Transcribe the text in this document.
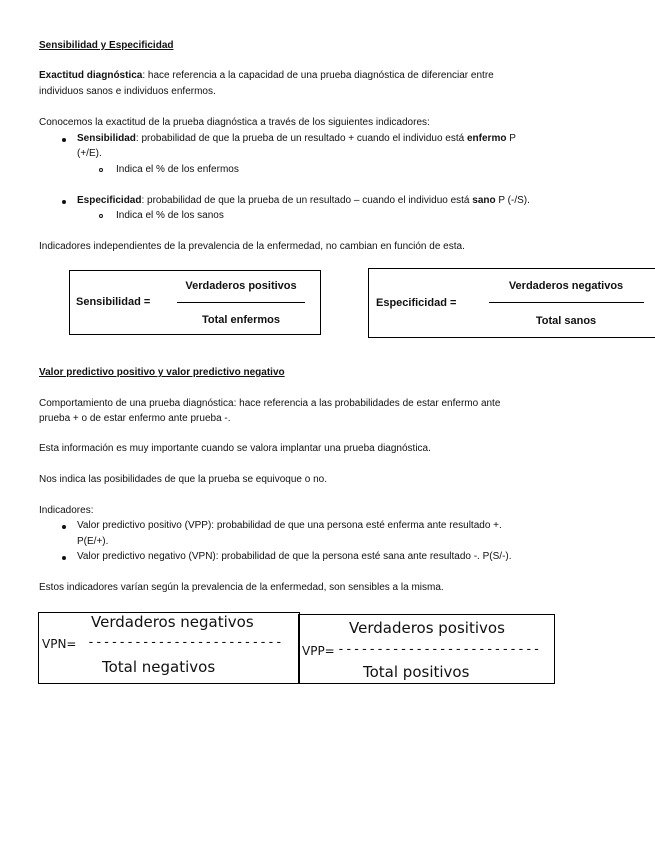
Sensibilidad y Especificidad
Exactitud diagnóstica: hace referencia a la capacidad de una prueba diagnóstica de diferenciar entre
individuos sanos e individuos enfermos.
Conocemos la exactitud de la prueba diagnóstica a través de los siguientes indicadores:
Sensibilidad: probabilidad de que la prueba de un resultado + cuando el individuo está enfermo P
(+/E).
Indica el % de los enfermos
Especificidad: probabilidad de que la prueba de un resultado – cuando el individuo está sano P (-/S).
Indica el % de los sanos
Indicadores independientes de la prevalencia de la enfermedad, no cambian en función de esta.
Sensibilidad =
Verdaderos positivos
Total enfermos
Especificidad =
Verdaderos negativos
Total sanos
Valor predictivo positivo y valor predictivo negativo
Comportamiento de una prueba diagnóstica: hace referencia a las probabilidades de estar enfermo ante
prueba + o de estar enfermo ante prueba -.
Esta información es muy importante cuando se valora implantar una prueba diagnóstica.
Nos indica las posibilidades de que la prueba se equivoque o no.
Indicadores:
Valor predictivo positivo (VPP): probabilidad de que una persona esté enferma ante resultado +.
P(E/+).
Valor predictivo negativo (VPN): probabilidad de que la persona esté sana ante resultado -. P(S/-).
Estos indicadores varían según la prevalencia de la enfermedad, son sensibles a la misma.
Verdaderos negativos
VPN= -------------------------
Total negativos
Verdaderos positivos
VPP= --------------------------
Total positivos
